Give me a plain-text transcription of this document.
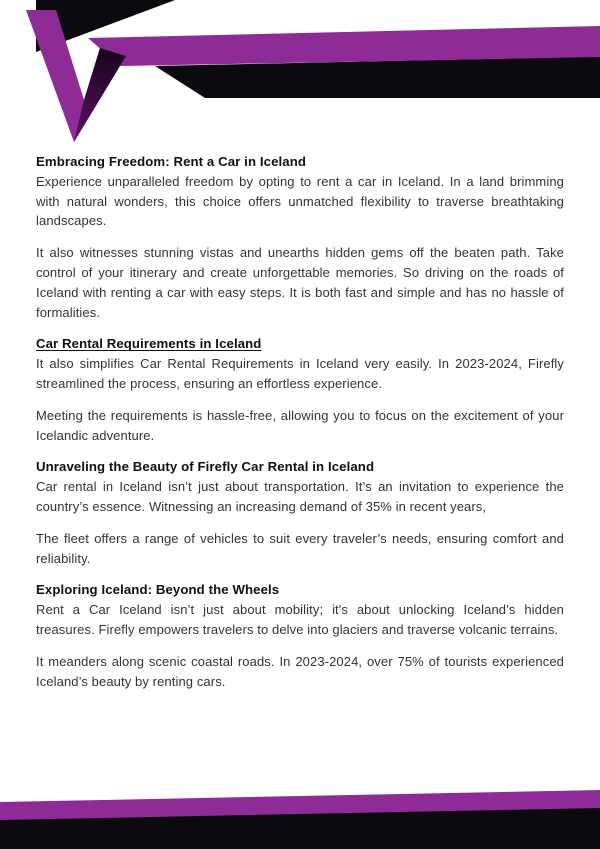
Embracing Freedom: Rent a Car in Iceland

Experience unparalleled freedom by opting to rent a car in Iceland. In a land brimming with natural wonders, this choice offers unmatched flexibility to traverse breathtaking landscapes.

It also witnesses stunning vistas and unearths hidden gems off the beaten path. Take control of your itinerary and create unforgettable memories. So driving on the roads of Iceland with renting a car with easy steps. It is both fast and simple and has no hassle of formalities.

Car Rental Requirements in Iceland

It also simplifies Car Rental Requirements in Iceland very easily. In 2023-2024, Firefly streamlined the process, ensuring an effortless experience.

Meeting the requirements is hassle-free, allowing you to focus on the excitement of your Icelandic adventure.

Unraveling the Beauty of Firefly Car Rental in Iceland

Car rental in Iceland isn’t just about transportation. It’s an invitation to experience the country’s essence. Witnessing an increasing demand of 35% in recent years,

The fleet offers a range of vehicles to suit every traveler’s needs, ensuring comfort and reliability.

Exploring Iceland: Beyond the Wheels

Rent a Car Iceland isn’t just about mobility; it's about unlocking Iceland’s hidden treasures. Firefly empowers travelers to delve into glaciers and traverse volcanic terrains.

It meanders along scenic coastal roads. In 2023-2024, over 75% of tourists experienced Iceland’s beauty by renting cars.
